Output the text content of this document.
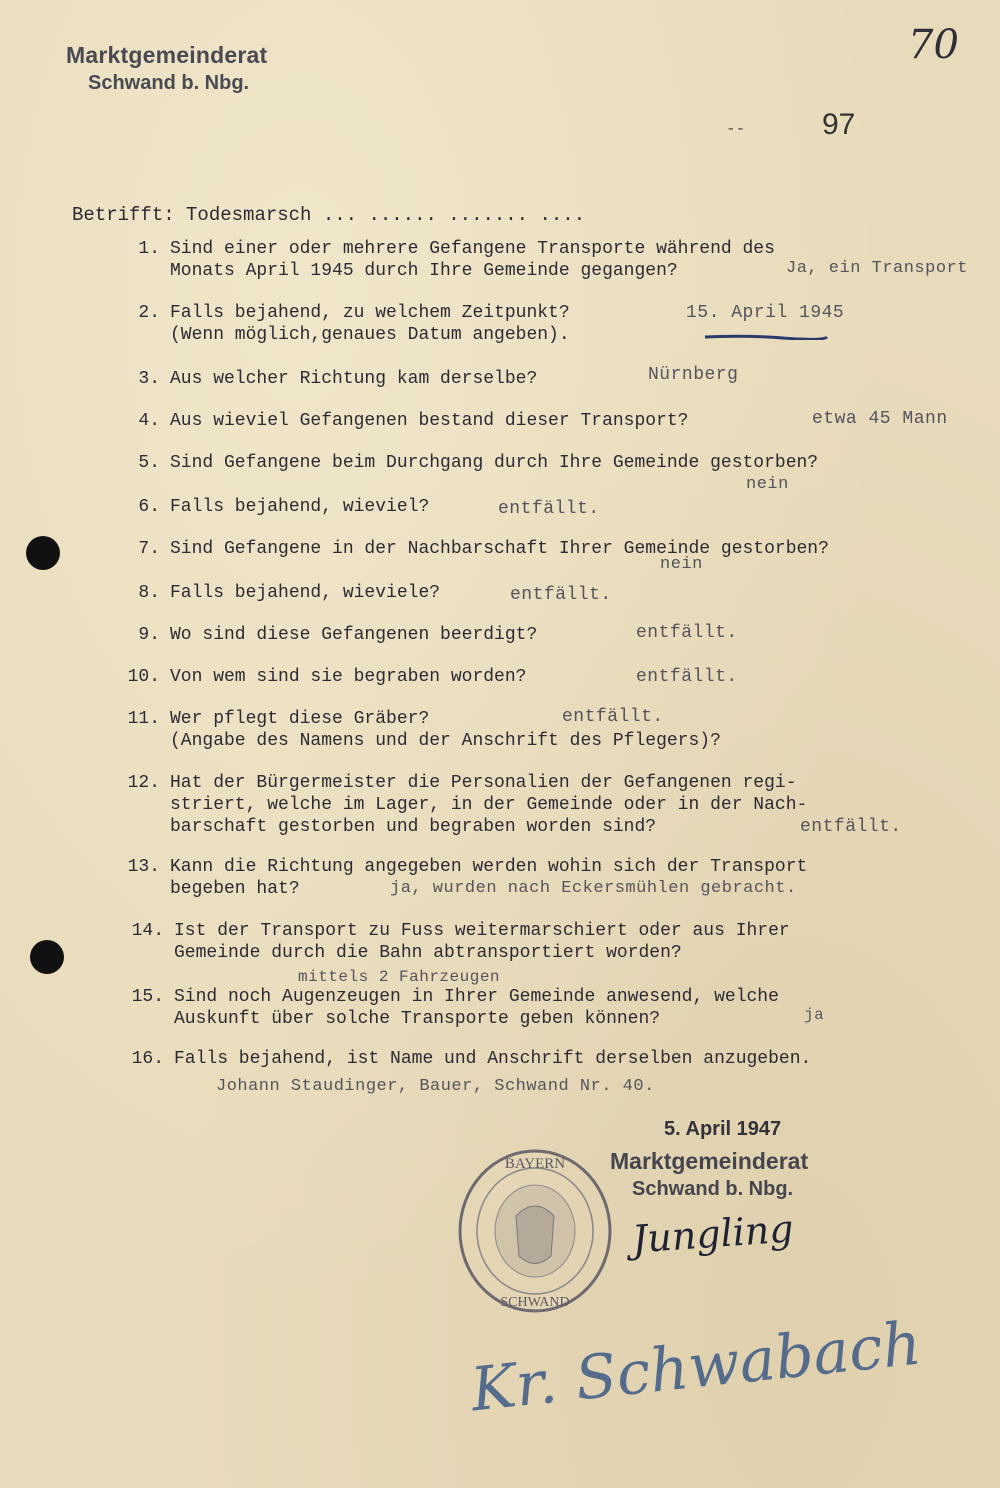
Marktgemeinderat
Schwand b. Nbg.
70
--	97
Betrifft: Todesmarsch ... ...... ....... ....
1. Sind einer oder mehrere Gefangene Transporte während des
Monats April 1945 durch Ihre Gemeinde gegangen?	Ja, ein Transport
2. Falls bejahend, zu welchem Zeitpunkt?
(Wenn möglich,genaues Datum angeben).
15. April 1945
3. Aus welcher Richtung kam derselbe?	Nürnberg
4. Aus wieviel Gefangenen bestand dieser Transport?	etwa 45 Mann
5. Sind Gefangene beim Durchgang durch Ihre Gemeinde gestorben?
nein
6. Falls bejahend, wieviel?	entfällt.
7. Sind Gefangene in der Nachbarschaft Ihrer Gemeinde gestorben?
nein
8. Falls bejahend, wieviele?	entfällt.
9. Wo sind diese Gefangenen beerdigt?	entfällt.
10. Von wem sind sie begraben worden?	entfällt.
11. Wer pflegt diese Gräber?
(Angabe des Namens und der Anschrift des Pflegers)?
entfällt.
12. Hat der Bürgermeister die Personalien der Gefangenen regi-
striert, welche im Lager, in der Gemeinde oder in der Nach-
barschaft gestorben und begraben worden sind?	entfällt.
13. Kann die Richtung angegeben werden wohin sich der Transport
begeben hat?	ja, wurden nach Eckersmühlen gebracht.
14. Ist der Transport zu Fuss weitermarschiert oder aus Ihrer
Gemeinde durch die Bahn abtransportiert worden?
mittels 2 Fahrzeugen
15. Sind noch Augenzeugen in Ihrer Gemeinde anwesend, welche
Auskunft über solche Transporte geben können?	ja
16. Falls bejahend, ist Name und Anschrift derselben anzugeben.
Johann Staudinger, Bauer, Schwand Nr. 40.
BAYERN
SCHWAND
5. April 1947
Marktgemeinderat
Schwand b. Nbg.
Jungling
Kr. Schwabach
